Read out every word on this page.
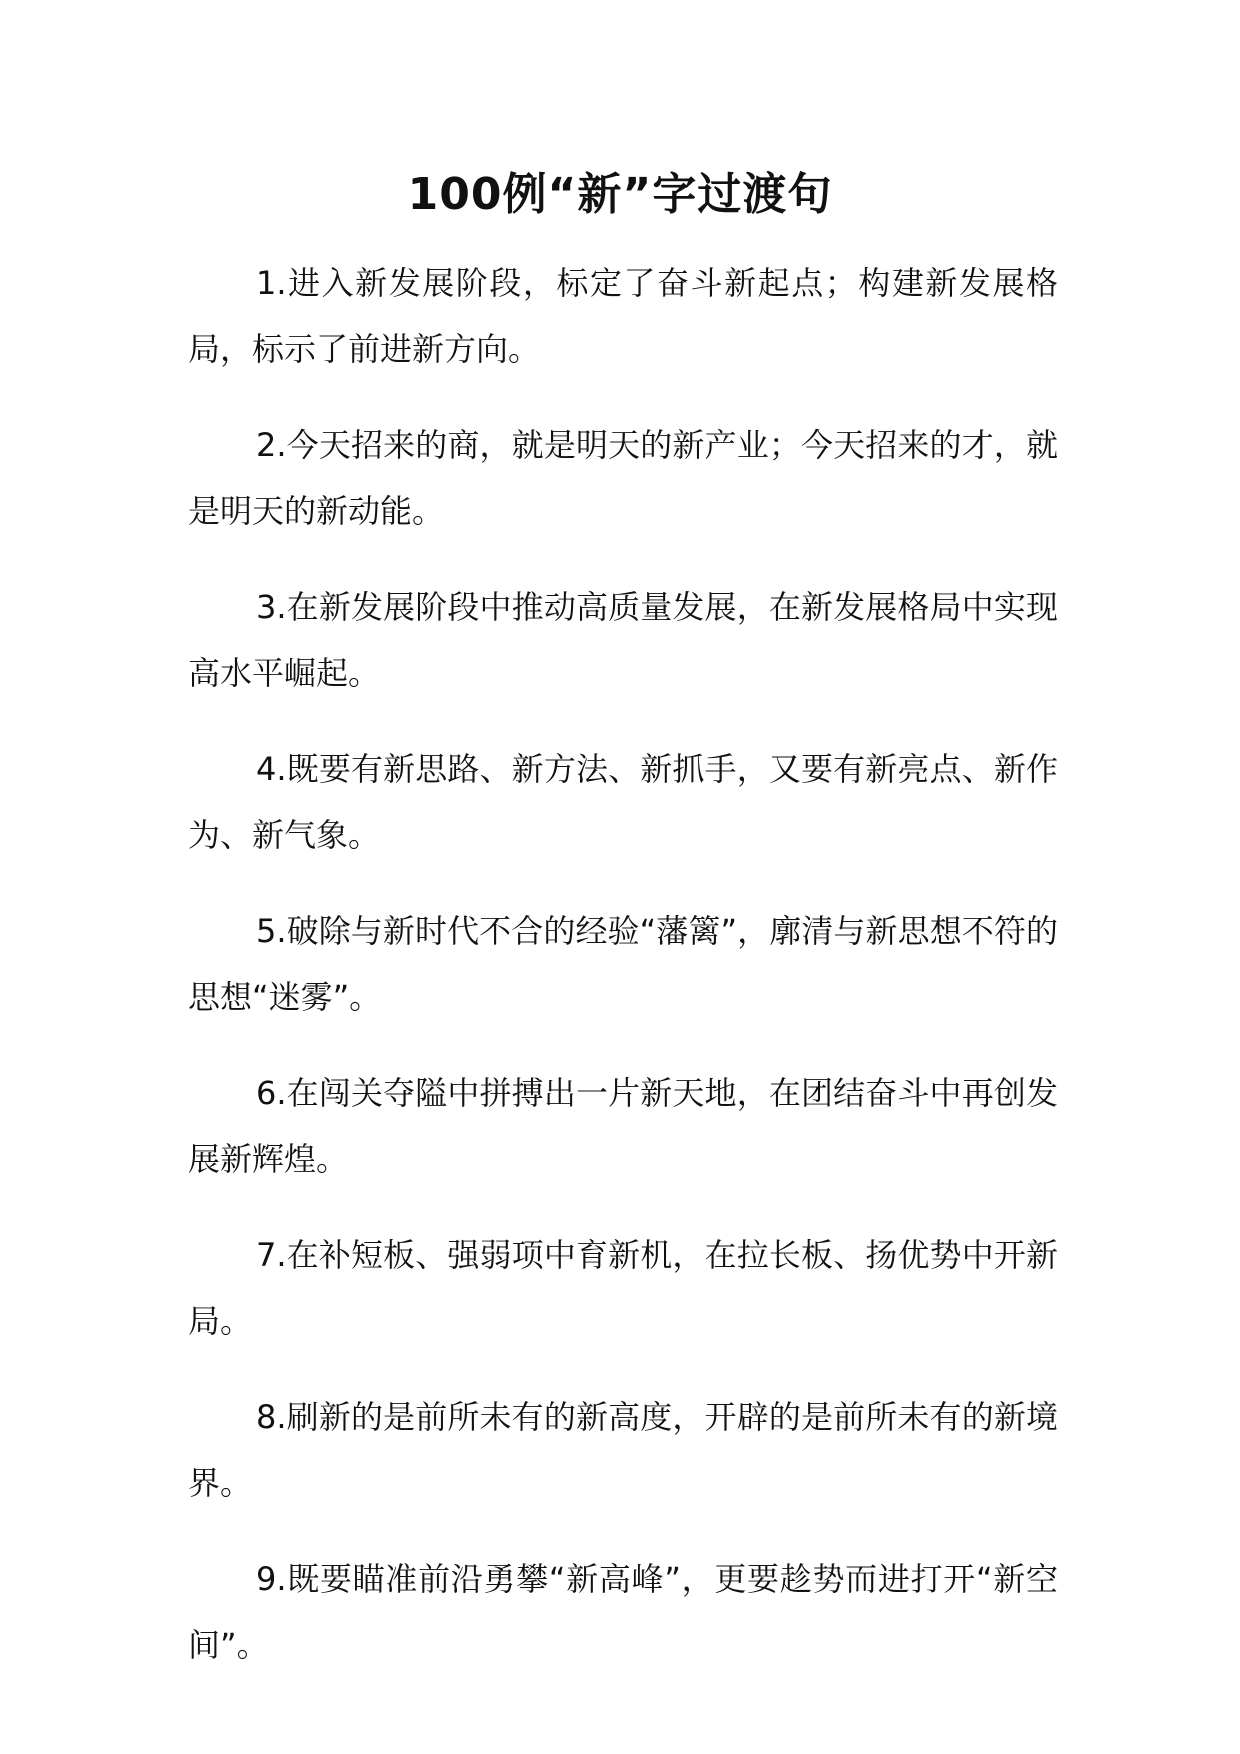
100例“新”字过渡句

1.进入新发展阶段，标定了奋斗新起点；构建新发展格局，标示了前进新方向。

2.今天招来的商，就是明天的新产业；今天招来的才，就是明天的新动能。

3.在新发展阶段中推动高质量发展，在新发展格局中实现高水平崛起。

4.既要有新思路、新方法、新抓手，又要有新亮点、新作为、新气象。

5.破除与新时代不合的经验“藩篱”，廓清与新思想不符的思想“迷雾”。

6.在闯关夺隘中拼搏出一片新天地，在团结奋斗中再创发展新辉煌。

7.在补短板、强弱项中育新机，在拉长板、扬优势中开新局。

8.刷新的是前所未有的新高度，开辟的是前所未有的新境界。

9.既要瞄准前沿勇攀“新高峰”，更要趁势而进打开“新空间”。
